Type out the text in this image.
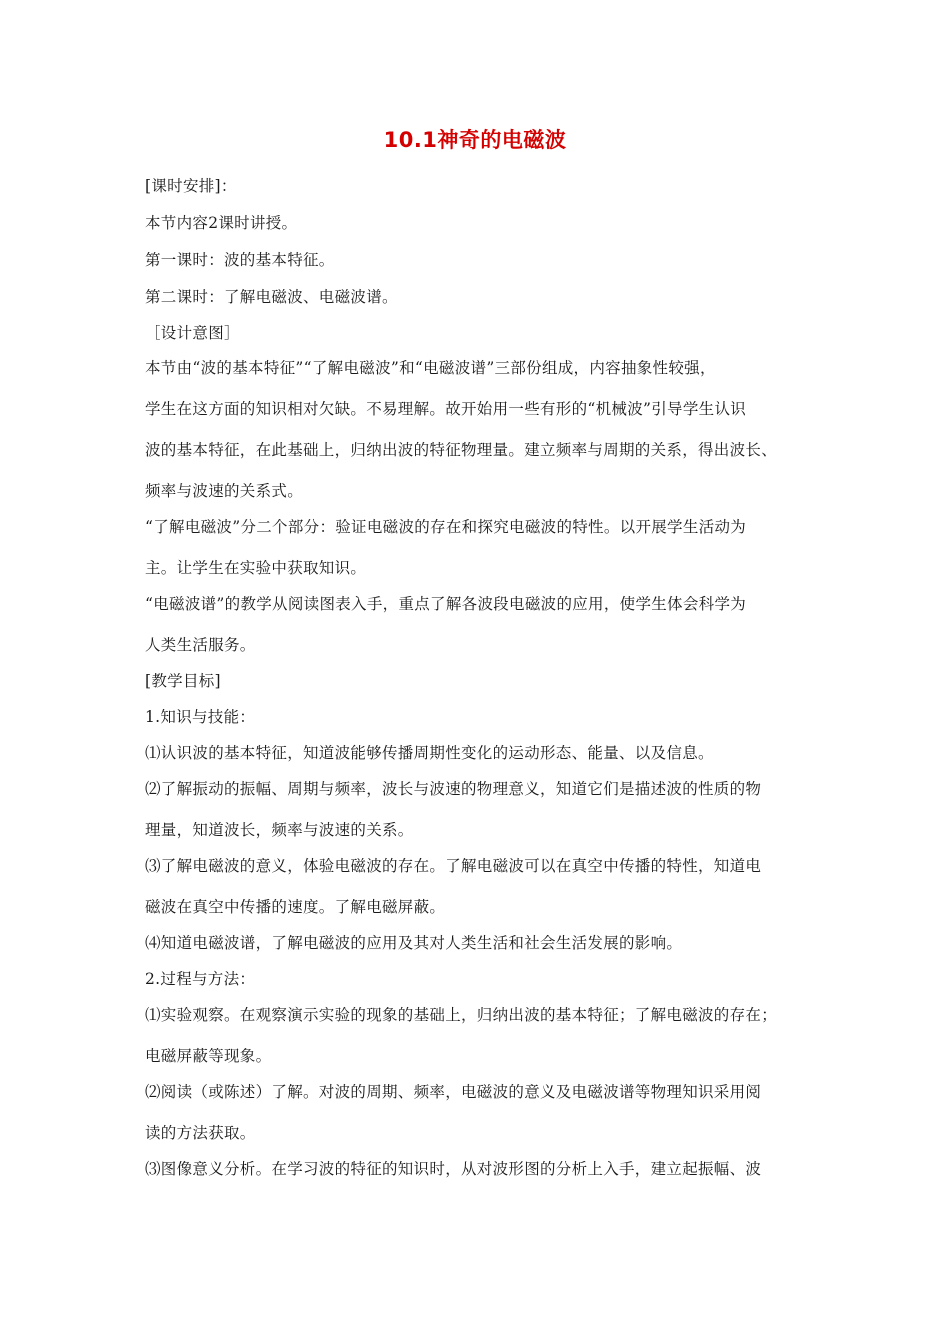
10.1神奇的电磁波
[课时安排]：
本节内容2课时讲授。
第一课时：波的基本特征。
第二课时：了解电磁波、电磁波谱。
［设计意图］
本节由“波的基本特征”“了解电磁波”和“电磁波谱”三部份组成，内容抽象性较强，
学生在这方面的知识相对欠缺。不易理解。故开始用一些有形的“机械波”引导学生认识
波的基本特征，在此基础上，归纳出波的特征物理量。建立频率与周期的关系，得出波长、
频率与波速的关系式。
“了解电磁波”分二个部分：验证电磁波的存在和探究电磁波的特性。以开展学生活动为
主。让学生在实验中获取知识。
“电磁波谱”的教学从阅读图表入手，重点了解各波段电磁波的应用，使学生体会科学为
人类生活服务。
[教学目标]
1.知识与技能：
⑴认识波的基本特征，知道波能够传播周期性变化的运动形态、能量、以及信息。
⑵了解振动的振幅、周期与频率，波长与波速的物理意义，知道它们是描述波的性质的物
理量，知道波长，频率与波速的关系。
⑶了解电磁波的意义，体验电磁波的存在。了解电磁波可以在真空中传播的特性，知道电
磁波在真空中传播的速度。了解电磁屏蔽。
⑷知道电磁波谱，了解电磁波的应用及其对人类生活和社会生活发展的影响。
2.过程与方法：
⑴实验观察。在观察演示实验的现象的基础上，归纳出波的基本特征；了解电磁波的存在；
电磁屏蔽等现象。
⑵阅读（或陈述）了解。对波的周期、频率，电磁波的意义及电磁波谱等物理知识采用阅
读的方法获取。
⑶图像意义分析。在学习波的特征的知识时，从对波形图的分析上入手，建立起振幅、波
